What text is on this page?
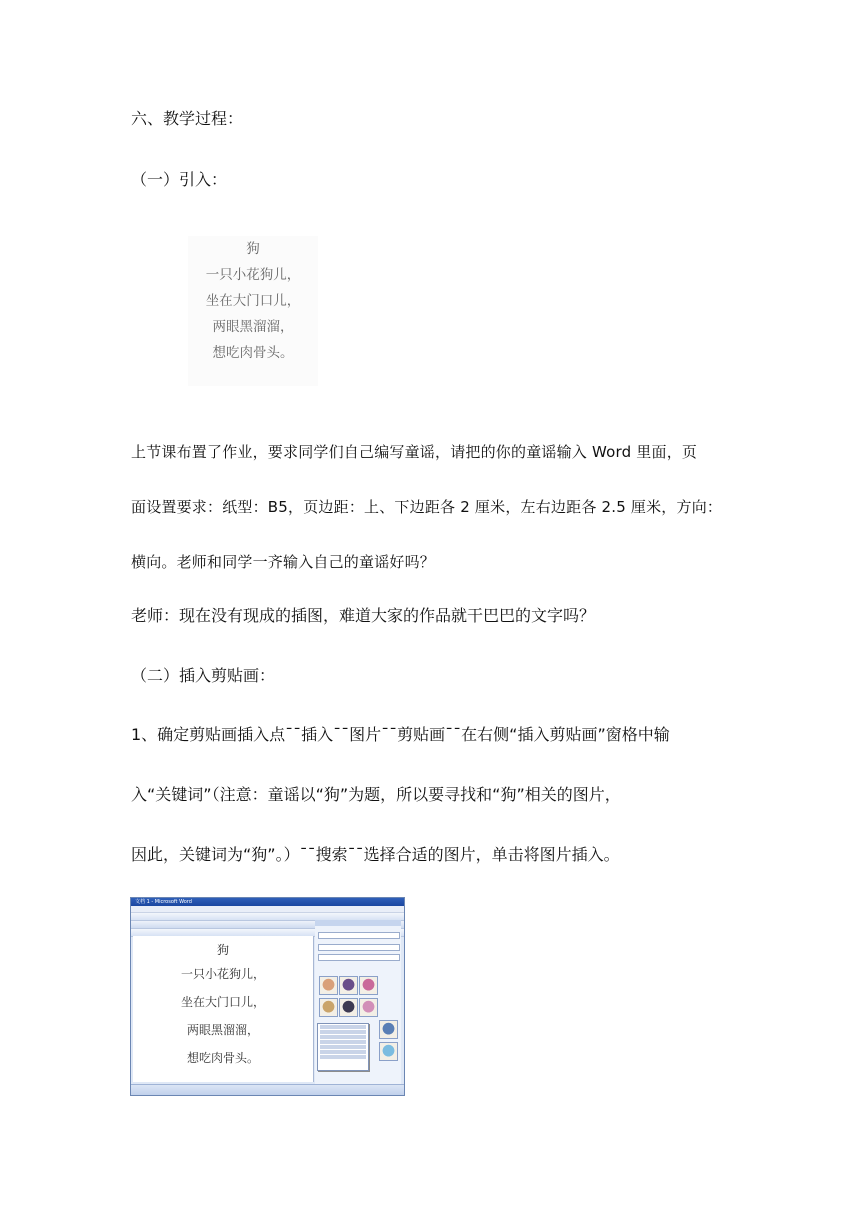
六、教学过程：
（一）引入：
狗
一只小花狗儿，
坐在大门口儿，
两眼黑溜溜，
想吃肉骨头。
上节课布置了作业，要求同学们自己编写童谣，请把的你的童谣输入 Word 里面，页
面设置要求：纸型：B5，页边距：上、下边距各 2 厘米，左右边距各 2.5 厘米，方向：
横向。老师和同学一齐输入自己的童谣好吗？
老师：现在没有现成的插图，难道大家的作品就干巴巴的文字吗？
（二）插入剪贴画：
1、确定剪贴画插入点¯¯插入¯¯图片¯¯剪贴画¯¯在右侧“插入剪贴画”窗格中输
入“关键词”（注意：童谣以“狗”为题，所以要寻找和“狗”相关的图片，
因此，关键词为“狗”。）¯¯搜索¯¯选择合适的图片，单击将图片插入。
文档 1 - Microsoft Word
狗
一只小花狗儿，
坐在大门口儿，
两眼黑溜溜，
想吃肉骨头。
